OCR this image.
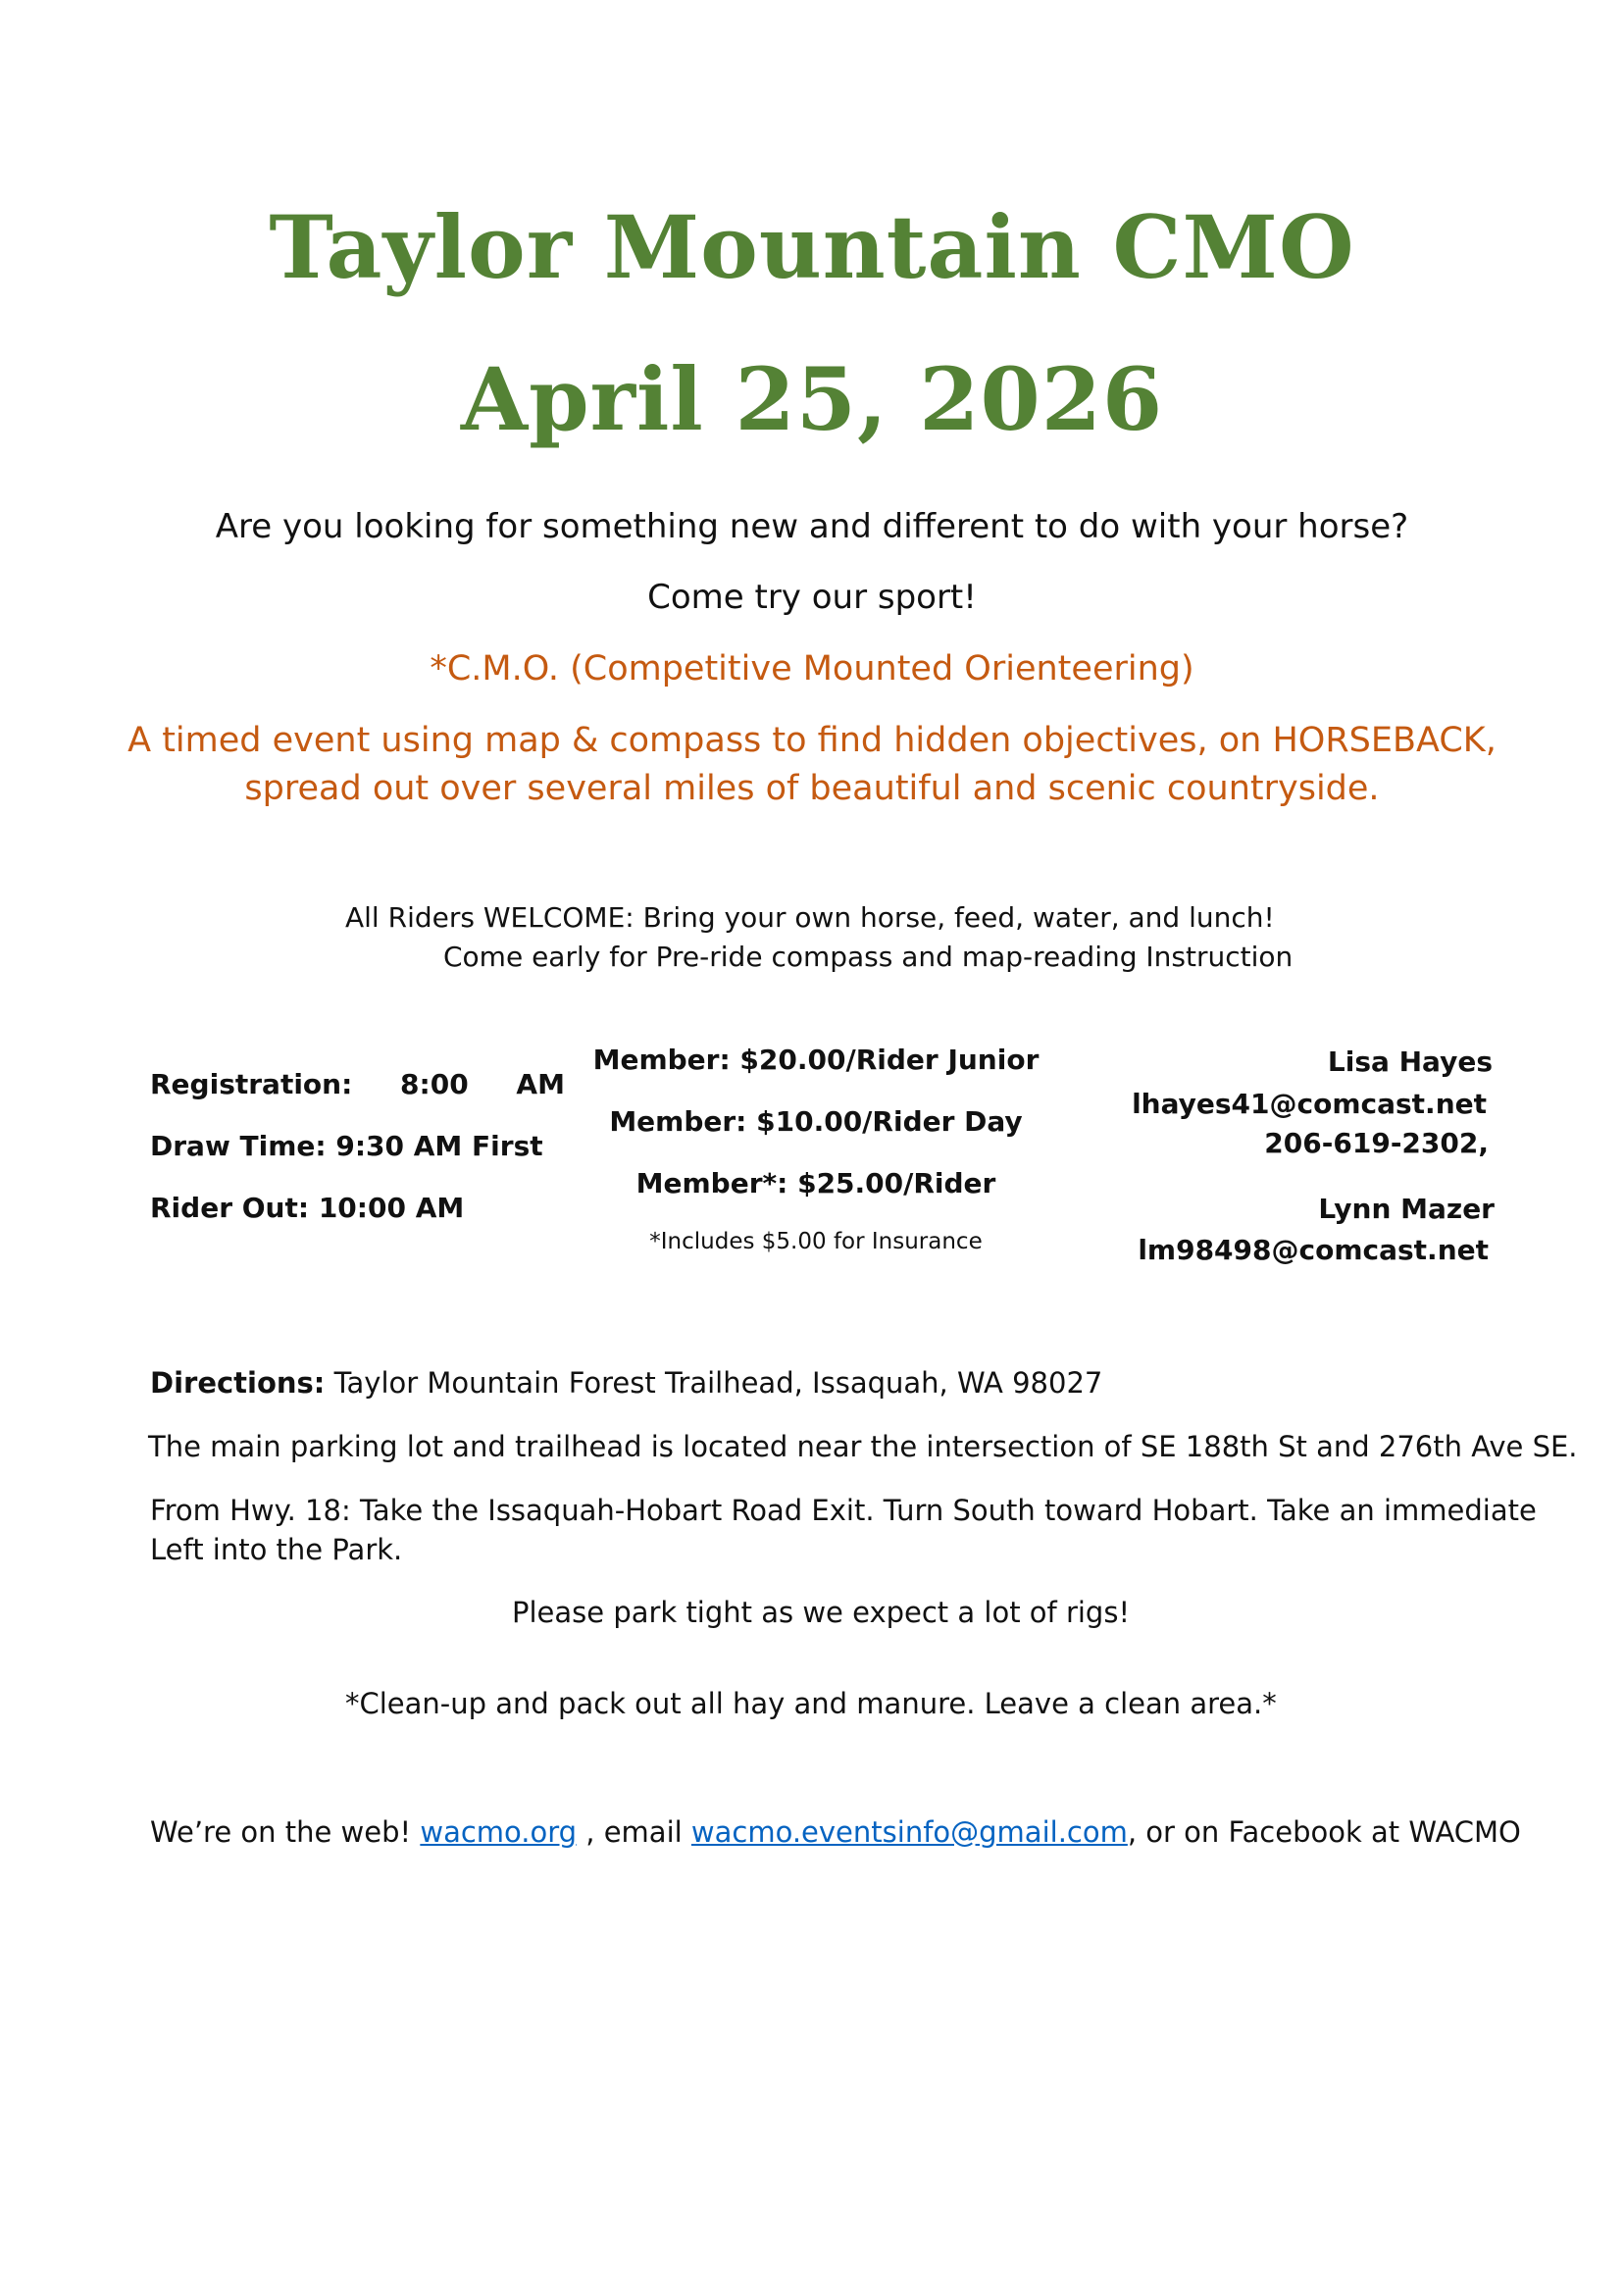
Taylor Mountain CMO
April 25, 2026
Are you looking for something new and different to do with your horse?
Come try our sport!
*C.M.O. (Competitive Mounted Orienteering)
A timed event using map & compass to find hidden objectives, on HORSEBACK,
spread out over several miles of beautiful and scenic countryside.
All Riders WELCOME: Bring your own horse, feed, water, and lunch!
Come early for Pre-ride compass and map-reading Instruction
Registration:     8:00     AM
Draw Time: 9:30 AM First
Rider Out: 10:00 AM
Member: $20.00/Rider Junior
Member: $10.00/Rider Day
Member*: $25.00/Rider
*Includes $5.00 for Insurance
Lisa Hayes
lhayes41@comcast.net
206-619-2302,
Lynn Mazer
lm98498@comcast.net
Directions: Taylor Mountain Forest Trailhead, Issaquah, WA 98027
The main parking lot and trailhead is located near the intersection of SE 188th St and 276th Ave SE.
From Hwy. 18: Take the Issaquah-Hobart Road Exit. Turn South toward Hobart. Take an immediate
Left into the Park.
Please park tight as we expect a lot of rigs!
*Clean-up and pack out all hay and manure. Leave a clean area.*
We’re on the web! wacmo.org , email wacmo.eventsinfo@gmail.com, or on Facebook at WACMO
